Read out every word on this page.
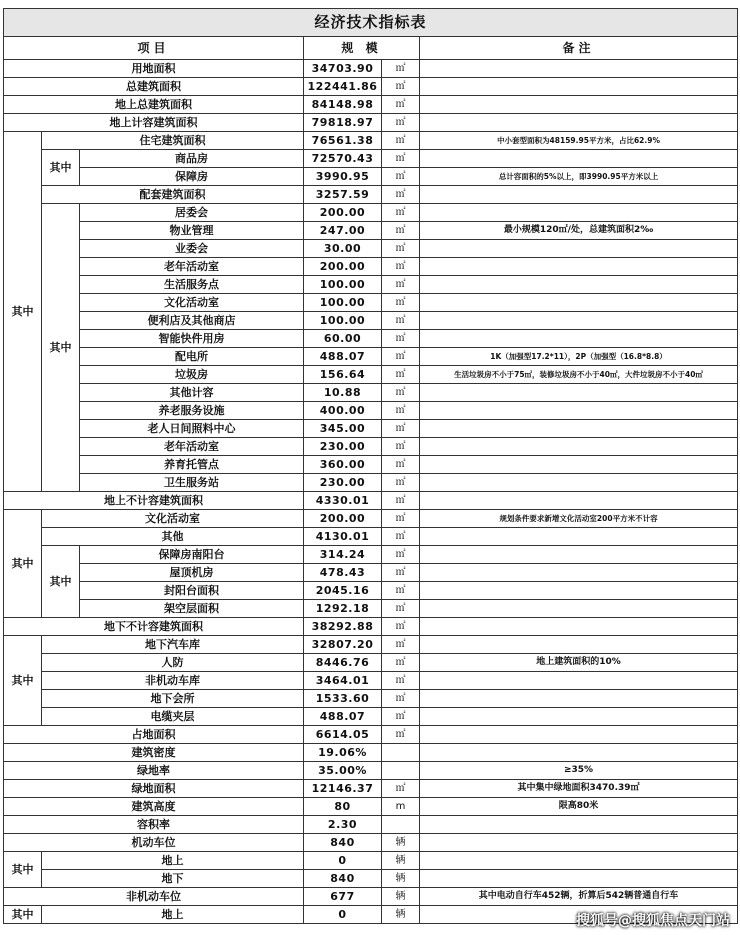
经济技术指标表					
项目			规 模		备注
用地面积			34703.90	㎡	
总建筑面积			122441.86	㎡	
地上总建筑面积			84148.98	㎡	
地上计容建筑面积			79818.97	㎡	
其中	住宅建筑面积		76561.38	㎡	中小套型面积为48159.95平方米，占比62.9%
	其中	商品房	72570.43	㎡	
		保障房	3990.95	㎡	总计容面积的5%以上，即3990.95平方米以上
	配套建筑面积		3257.59	㎡	
	其中	居委会	200.00	㎡	
		物业管理	247.00	㎡	最小规模120㎡/处，总建筑面积2‰
		业委会	30.00	㎡	
		老年活动室	200.00	㎡	
		生活服务点	100.00	㎡	
		文化活动室	100.00	㎡	
		便利店及其他商店	100.00	㎡	
		智能快件用房	60.00	㎡	
		配电所	488.07	㎡	1K（加强型17.2*11），2P（加强型（16.8*8.8）
		垃圾房	156.64	㎡	生活垃圾房不小于75㎡，装修垃圾房不小于40㎡，大件垃圾房不小于40㎡
		其他计容	10.88	㎡	
		养老服务设施	400.00	㎡	
		老人日间照料中心	345.00	㎡	
		老年活动室	230.00	㎡	
		养育托管点	360.00	㎡	
		卫生服务站	230.00	㎡	
地上不计容建筑面积			4330.01	㎡	
其中	文化活动室		200.00	㎡	规划条件要求新增文化活动室200平方米不计容
	其他		4130.01	㎡	
	其中	保障房南阳台	314.24	㎡	
		屋顶机房	478.43	㎡	
		封阳台面积	2045.16	㎡	
		架空层面积	1292.18	㎡	
地下不计容建筑面积			38292.88	㎡	
其中	地下汽车库		32807.20	㎡	
	人防		8446.76	㎡	地上建筑面积的10%
	非机动车库		3464.01	㎡	
	地下会所		1533.60	㎡	
	电缆夹层		488.07	㎡	
占地面积			6614.05	㎡	
建筑密度			19.06%		
绿地率			35.00%		≥35%
绿地面积			12146.37	㎡	其中集中绿地面积3470.39㎡
建筑高度			80	m	限高80米
容积率			2.30		
机动车位			840	辆	
其中	地上		0	辆	
	地下		840	辆	
非机动车位			677	辆	其中电动自行车452辆，折算后542辆普通自行车
其中	地上		0	辆		搜狐号@搜狐焦点天门站
